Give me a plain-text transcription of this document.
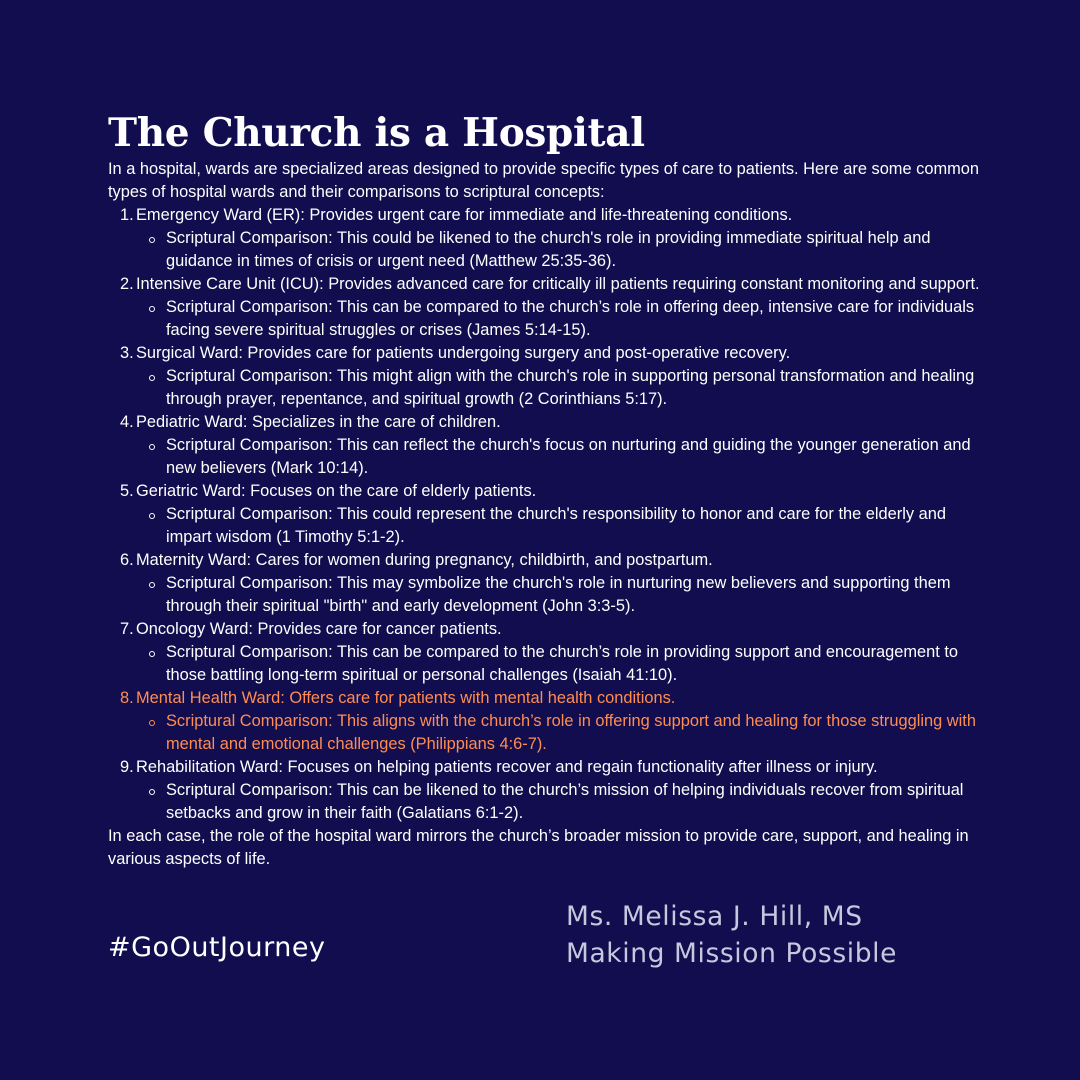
The Church is a Hospital

In a hospital, wards are specialized areas designed to provide specific types of care to patients. Here are some common types of hospital wards and their comparisons to scriptural concepts:

1. Emergency Ward (ER): Provides urgent care for immediate and life-threatening conditions.
Scriptural Comparison: This could be likened to the church's role in providing immediate spiritual help and guidance in times of crisis or urgent need (Matthew 25:35-36).
2. Intensive Care Unit (ICU): Provides advanced care for critically ill patients requiring constant monitoring and support.
Scriptural Comparison: This can be compared to the church’s role in offering deep, intensive care for individuals facing severe spiritual struggles or crises (James 5:14-15).
3. Surgical Ward: Provides care for patients undergoing surgery and post-operative recovery.
Scriptural Comparison: This might align with the church's role in supporting personal transformation and healing through prayer, repentance, and spiritual growth (2 Corinthians 5:17).
4. Pediatric Ward: Specializes in the care of children.
Scriptural Comparison: This can reflect the church's focus on nurturing and guiding the younger generation and new believers (Mark 10:14).
5. Geriatric Ward: Focuses on the care of elderly patients.
Scriptural Comparison: This could represent the church's responsibility to honor and care for the elderly and impart wisdom (1 Timothy 5:1-2).
6. Maternity Ward: Cares for women during pregnancy, childbirth, and postpartum.
Scriptural Comparison: This may symbolize the church's role in nurturing new believers and supporting them through their spiritual "birth" and early development (John 3:3-5).
7. Oncology Ward: Provides care for cancer patients.
Scriptural Comparison: This can be compared to the church’s role in providing support and encouragement to those battling long-term spiritual or personal challenges (Isaiah 41:10).
8. Mental Health Ward: Offers care for patients with mental health conditions.
Scriptural Comparison: This aligns with the church’s role in offering support and healing for those struggling with mental and emotional challenges (Philippians 4:6-7).
9. Rehabilitation Ward: Focuses on helping patients recover and regain functionality after illness or injury.
Scriptural Comparison: This can be likened to the church’s mission of helping individuals recover from spiritual setbacks and grow in their faith (Galatians 6:1-2).

In each case, the role of the hospital ward mirrors the church’s broader mission to provide care, support, and healing in various aspects of life.

#GoOutJourney
Ms. Melissa J. Hill, MS
Making Mission Possible
